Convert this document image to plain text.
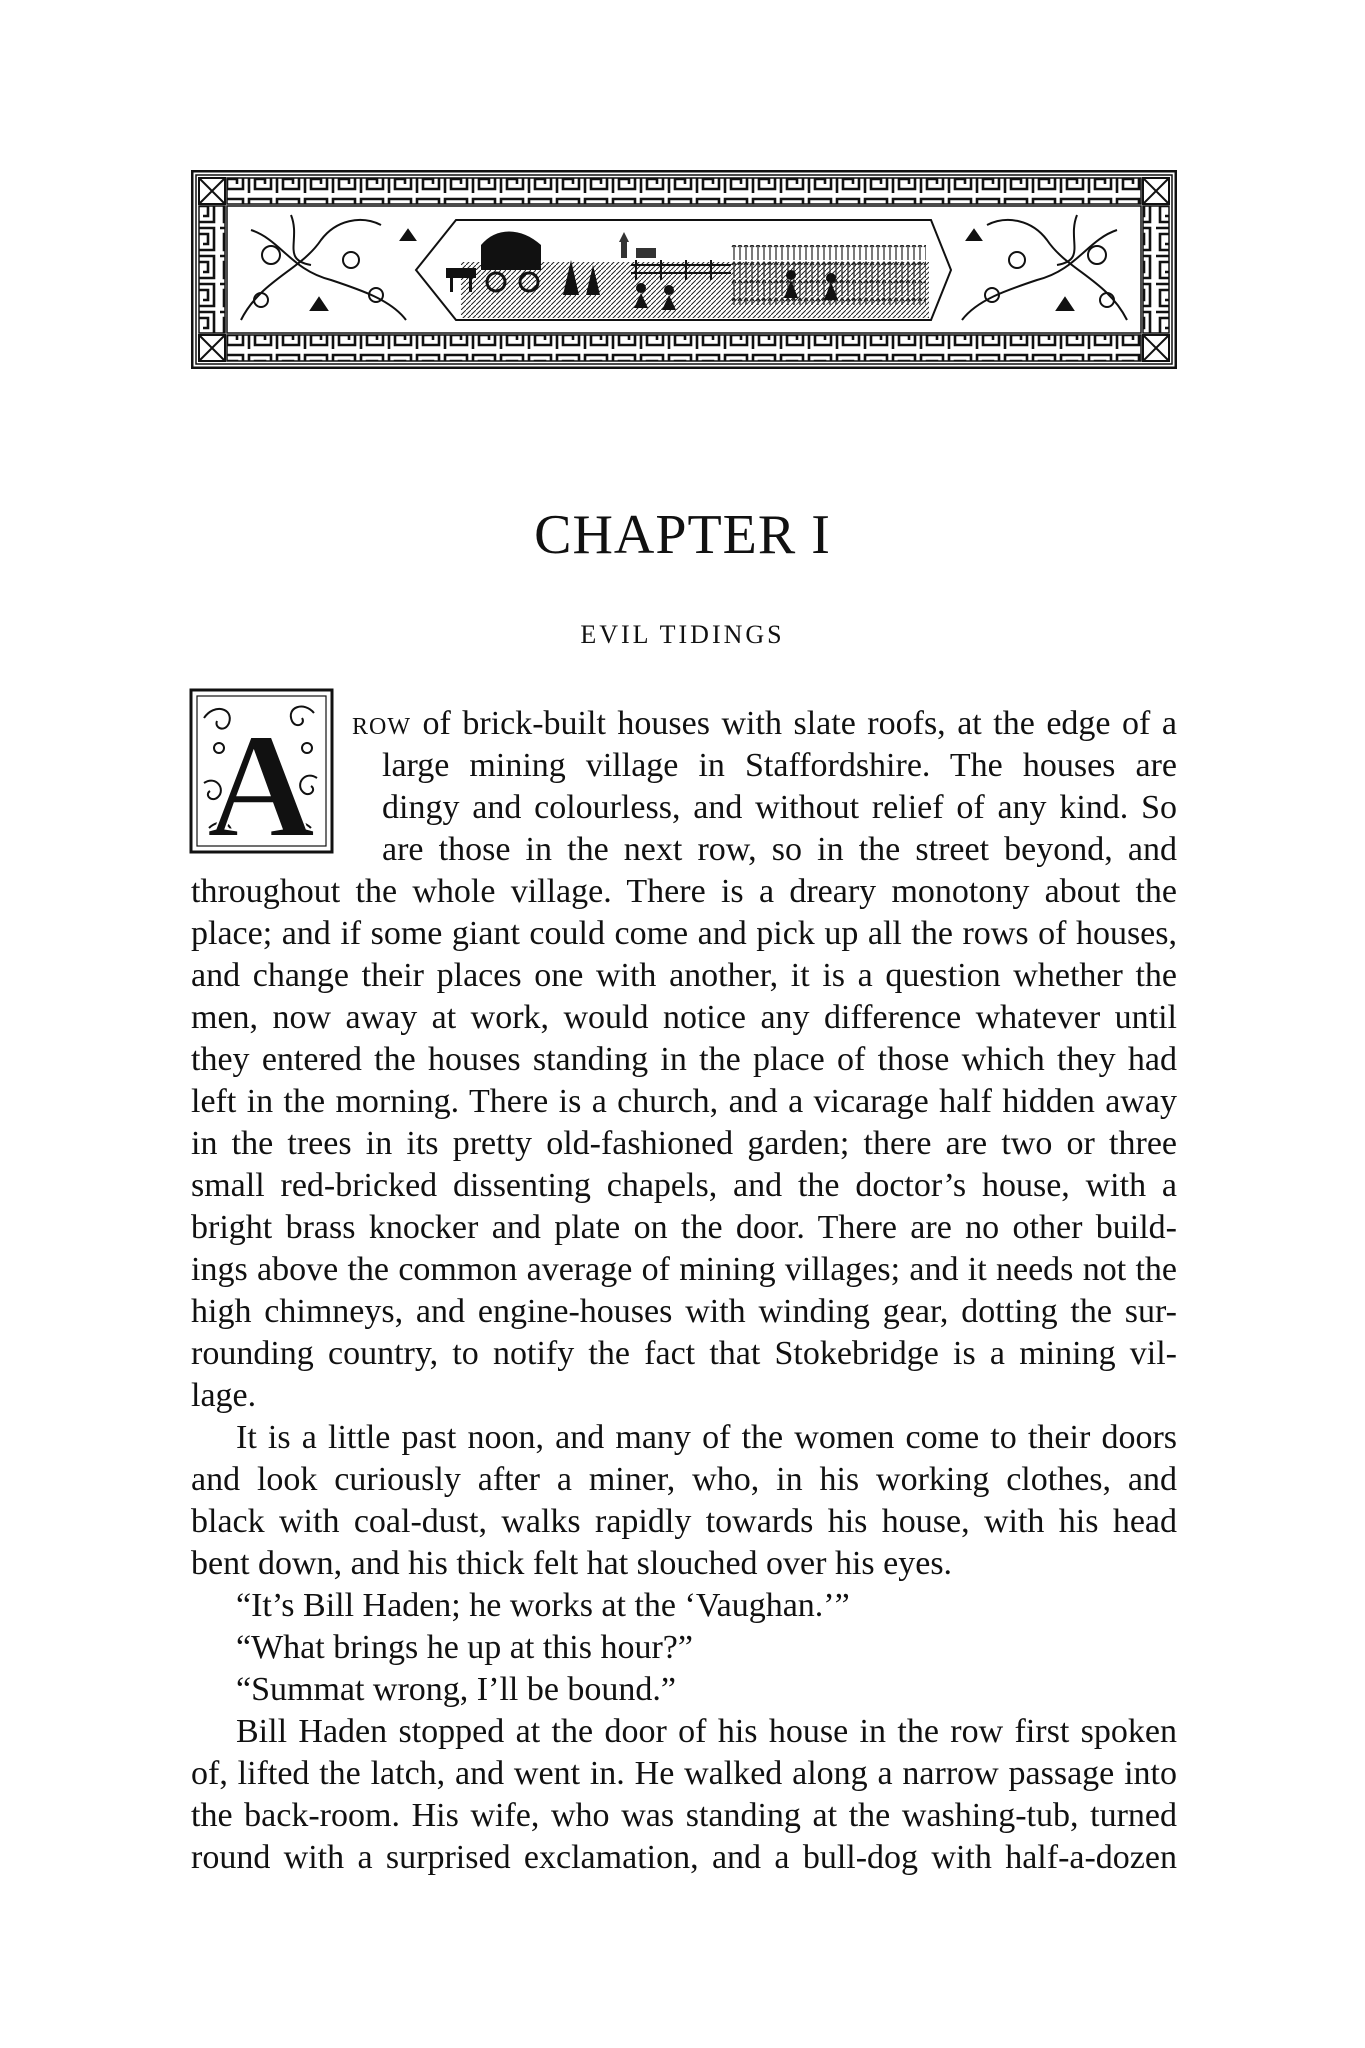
CHAPTER I
EVIL TIDINGS
A row of brick-built houses with slate roofs, at the edge of a
large mining village in Staffordshire. The houses are
dingy and colourless, and without relief of any kind. So
are those in the next row, so in the street beyond, and
throughout the whole village. There is a dreary monotony about the
place; and if some giant could come and pick up all the rows of houses,
and change their places one with another, it is a question whether the
men, now away at work, would notice any difference whatever until
they entered the houses standing in the place of those which they had
left in the morning. There is a church, and a vicarage half hidden away
in the trees in its pretty old-fashioned garden; there are two or three
small red-bricked dissenting chapels, and the doctor’s house, with a
bright brass knocker and plate on the door. There are no other build-
ings above the common average of mining villages; and it needs not the
high chimneys, and engine-houses with winding gear, dotting the sur-
rounding country, to notify the fact that Stokebridge is a mining vil-
lage.
It is a little past noon, and many of the women come to their doors
and look curiously after a miner, who, in his working clothes, and
black with coal-dust, walks rapidly towards his house, with his head
bent down, and his thick felt hat slouched over his eyes.
“It’s Bill Haden; he works at the ‘Vaughan.’”
“What brings he up at this hour?”
“Summat wrong, I’ll be bound.”
Bill Haden stopped at the door of his house in the row first spoken
of, lifted the latch, and went in. He walked along a narrow passage into
the back-room. His wife, who was standing at the washing-tub, turned
round with a surprised exclamation, and a bull-dog with half-a-dozen
